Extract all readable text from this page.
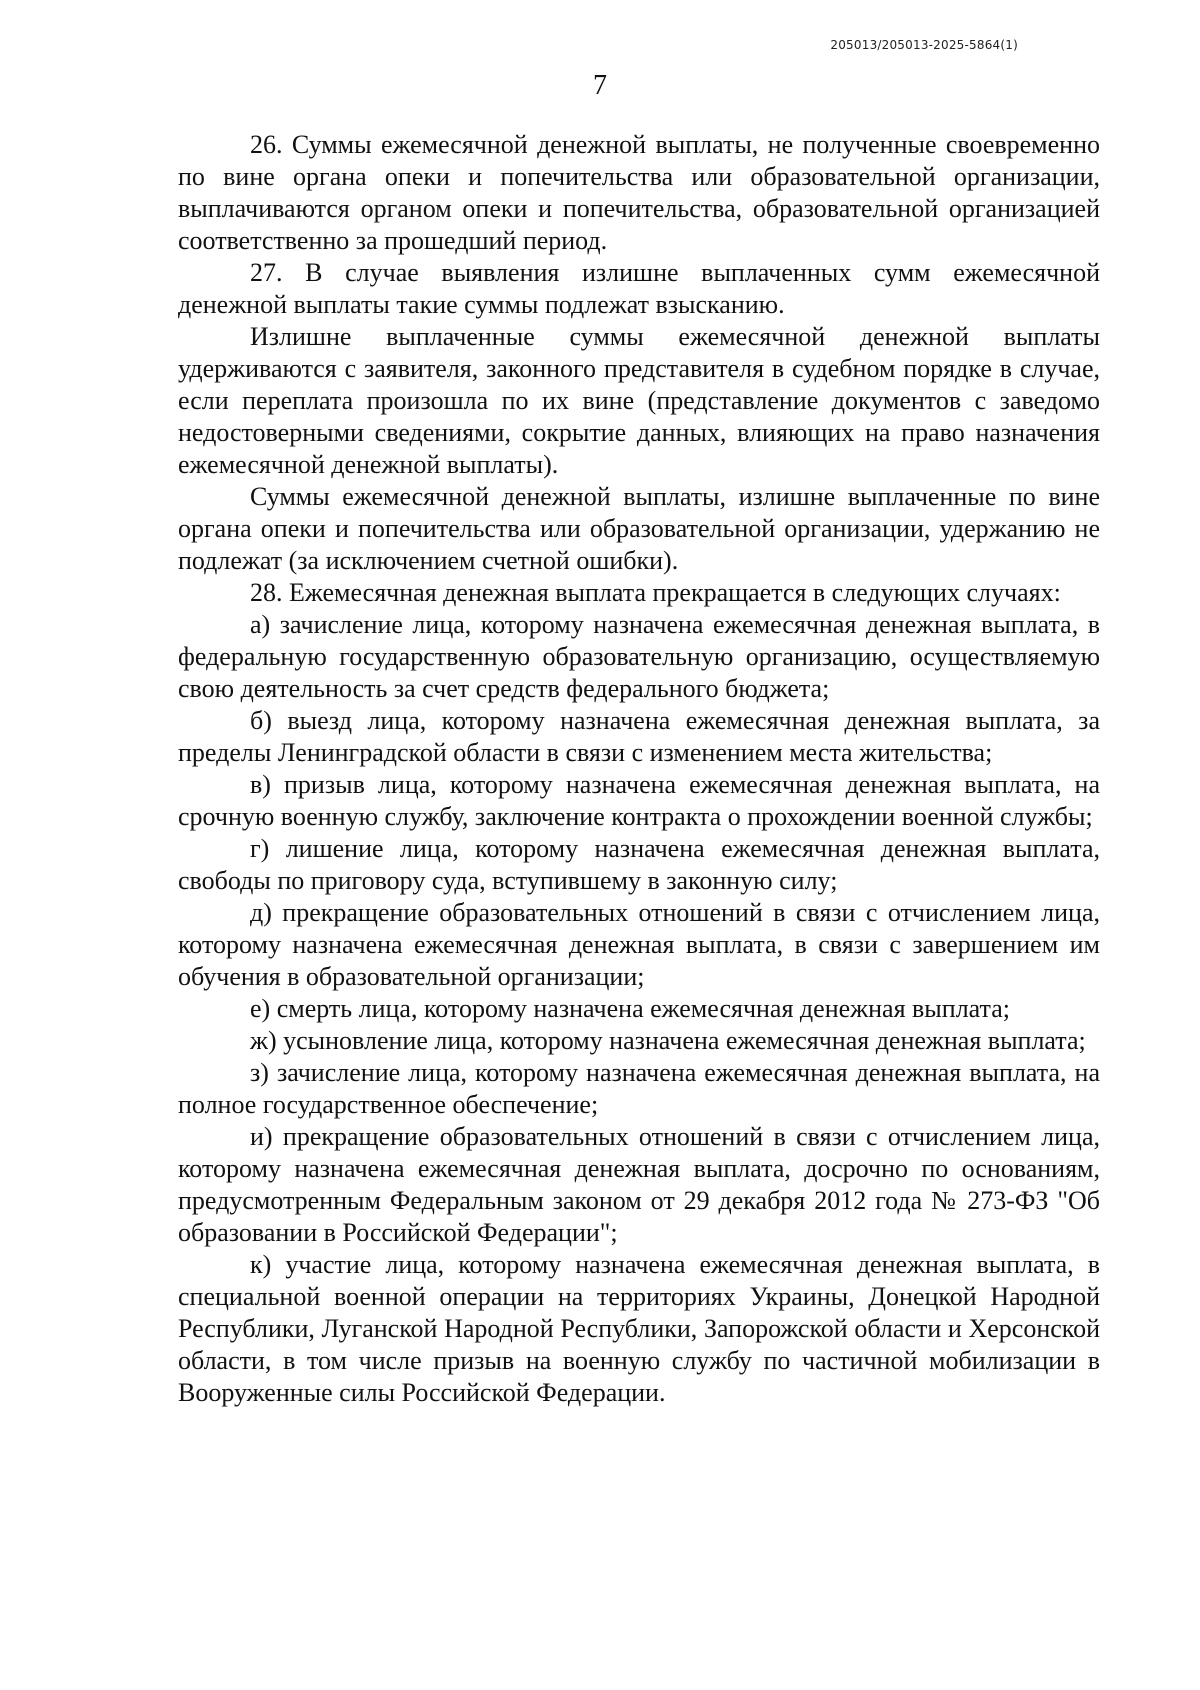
205013/205013-2025-5864(1)
7

26. Суммы ежемесячной денежной выплаты, не полученные своевременно по вине органа опеки и попечительства или образовательной организации, выплачиваются органом опеки и попечительства, образовательной организацией соответственно за прошедший период.

27. В случае выявления излишне выплаченных сумм ежемесячной денежной выплаты такие суммы подлежат взысканию.

Излишне выплаченные суммы ежемесячной денежной выплаты удерживаются с заявителя, законного представителя в судебном порядке в случае, если переплата произошла по их вине (представление документов с заведомо недостоверными сведениями, сокрытие данных, влияющих на право назначения ежемесячной денежной выплаты).

Суммы ежемесячной денежной выплаты, излишне выплаченные по вине органа опеки и попечительства или образовательной организации, удержанию не подлежат (за исключением счетной ошибки).

28. Ежемесячная денежная выплата прекращается в следующих случаях:

а) зачисление лица, которому назначена ежемесячная денежная выплата, в федеральную государственную образовательную организацию, осуществляемую свою деятельность за счет средств федерального бюджета;

б) выезд лица, которому назначена ежемесячная денежная выплата, за пределы Ленинградской области в связи с изменением места жительства;

в) призыв лица, которому назначена ежемесячная денежная выплата, на срочную военную службу, заключение контракта о прохождении военной службы;

г) лишение лица, которому назначена ежемесячная денежная выплата, свободы по приговору суда, вступившему в законную силу;

д) прекращение образовательных отношений в связи с отчислением лица, которому назначена ежемесячная денежная выплата, в связи с завершением им обучения в образовательной организации;

е) смерть лица, которому назначена ежемесячная денежная выплата;

ж) усыновление лица, которому назначена ежемесячная денежная выплата;

з) зачисление лица, которому назначена ежемесячная денежная выплата, на полное государственное обеспечение;

и) прекращение образовательных отношений в связи с отчислением лица, которому назначена ежемесячная денежная выплата, досрочно по основаниям, предусмотренным Федеральным законом от 29 декабря 2012 года № 273-ФЗ "Об образовании в Российской Федерации";

к) участие лица, которому назначена ежемесячная денежная выплата, в специальной военной операции на территориях Украины, Донецкой Народной Республики, Луганской Народной Республики, Запорожской области и Херсонской области, в том числе призыв на военную службу по частичной мобилизации в Вооруженные силы Российской Федерации.
